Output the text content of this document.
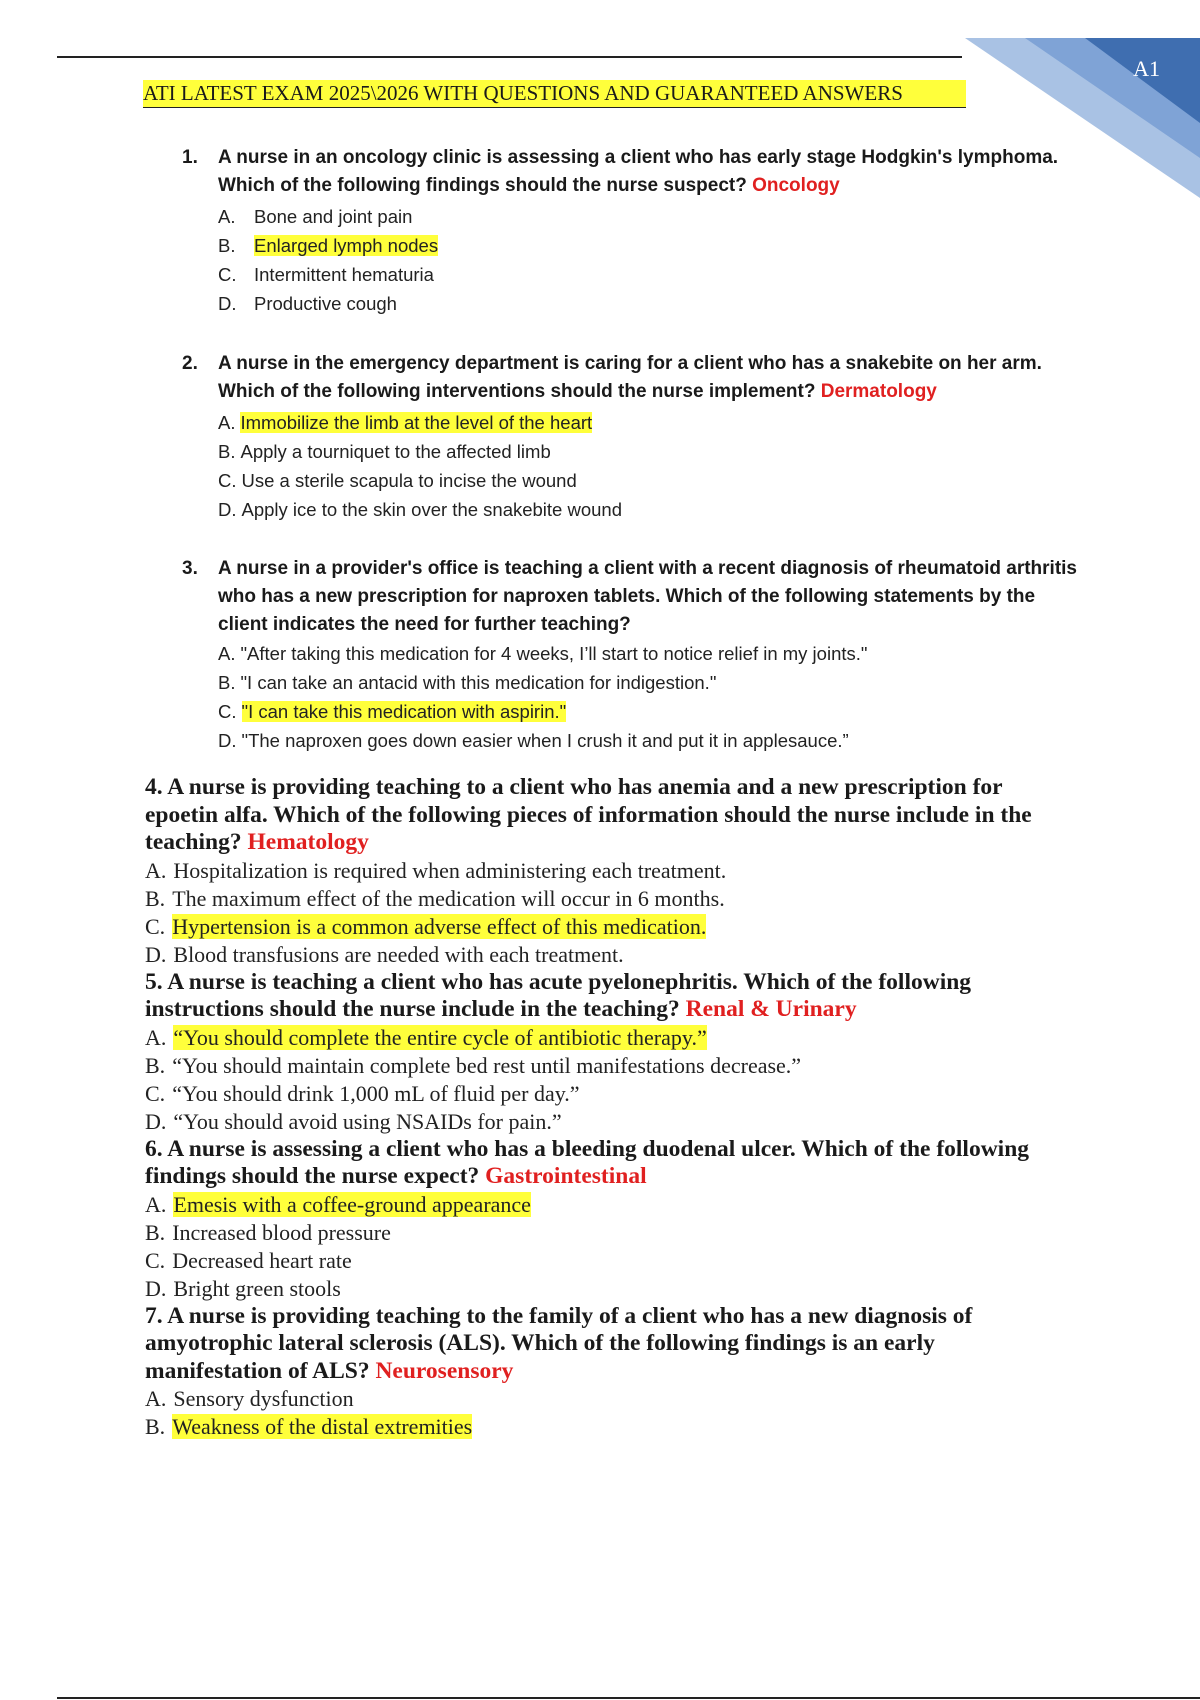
A1
ATI LATEST EXAM 2025\2026 WITH QUESTIONS AND GUARANTEED ANSWERS
1. A nurse in an oncology clinic is assessing a client who has early stage Hodgkin's lymphoma.
Which of the following findings should the nurse suspect? Oncology
A. Bone and joint pain
B. Enlarged lymph nodes
C. Intermittent hematuria
D. Productive cough
2. A nurse in the emergency department is caring for a client who has a snakebite on her arm.
Which of the following interventions should the nurse implement? Dermatology
A. Immobilize the limb at the level of the heart
B. Apply a tourniquet to the affected limb
C. Use a sterile scapula to incise the wound
D. Apply ice to the skin over the snakebite wound
3. A nurse in a provider's office is teaching a client with a recent diagnosis of rheumatoid arthritis
who has a new prescription for naproxen tablets. Which of the following statements by the
client indicates the need for further teaching?
A. "After taking this medication for 4 weeks, I’ll start to notice relief in my joints."
B. "I can take an antacid with this medication for indigestion."
C. "I can take this medication with aspirin."
D. "The naproxen goes down easier when I crush it and put it in applesauce.”
4. A nurse is providing teaching to a client who has anemia and a new prescription for epoetin alfa. Which of the following pieces of information should the nurse include in the teaching? Hematology
A. Hospitalization is required when administering each treatment.
B. The maximum effect of the medication will occur in 6 months.
C. Hypertension is a common adverse effect of this medication.
D. Blood transfusions are needed with each treatment.
5. A nurse is teaching a client who has acute pyelonephritis. Which of the following instructions should the nurse include in the teaching? Renal & Urinary
A. “You should complete the entire cycle of antibiotic therapy.”
B. “You should maintain complete bed rest until manifestations decrease.”
C. “You should drink 1,000 mL of fluid per day.”
D. “You should avoid using NSAIDs for pain.”
6. A nurse is assessing a client who has a bleeding duodenal ulcer. Which of the following findings should the nurse expect? Gastrointestinal
A. Emesis with a coffee-ground appearance
B. Increased blood pressure
C. Decreased heart rate
D. Bright green stools
7. A nurse is providing teaching to the family of a client who has a new diagnosis of amyotrophic lateral sclerosis (ALS). Which of the following findings is an early manifestation of ALS? Neurosensory
A. Sensory dysfunction
B. Weakness of the distal extremities
